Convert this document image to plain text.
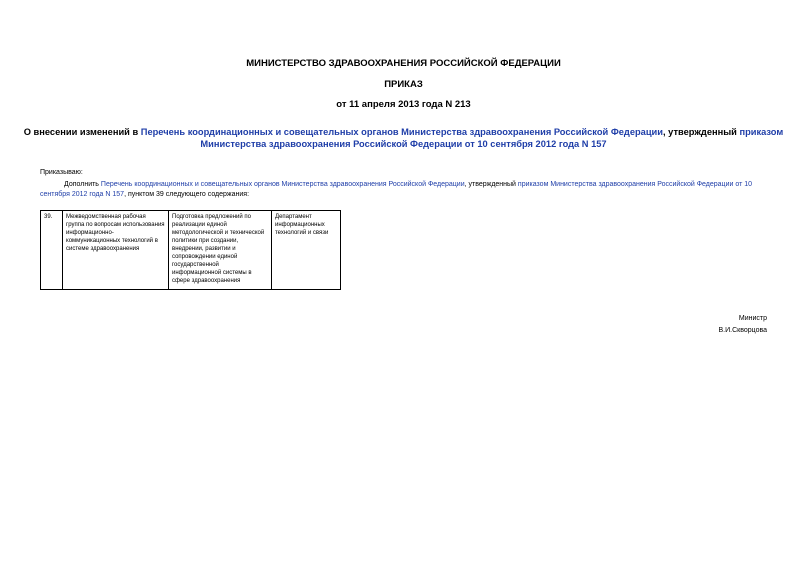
МИНИСТЕРСТВО ЗДРАВООХРАНЕНИЯ РОССИЙСКОЙ ФЕДЕРАЦИИ
ПРИКАЗ
от 11 апреля 2013 года N 213
О внесении изменений в Перечень координационных и совещательных органов Министерства здравоохранения Российской Федерации, утвержденный приказом Министерства здравоохранения Российской Федерации от 10 сентября 2012 года N 157
Приказываю:
Дополнить Перечень координационных и совещательных органов Министерства здравоохранения Российской Федерации, утвержденный приказом Министерства здравоохранения Российской Федерации от 10 сентября 2012 года N 157, пунктом 39 следующего содержания:
39.	Межведомственная рабочая группа по вопросам использования информационно-коммуникационных технологий в системе здравоохранения	Подготовка предложений по реализации единой методологической и технической политики при создании, внедрении, развитии и сопровождении единой государственной информационной системы в сфере здравоохранения	Департамент информационных технологий и связи
Министр
В.И.Скворцова
